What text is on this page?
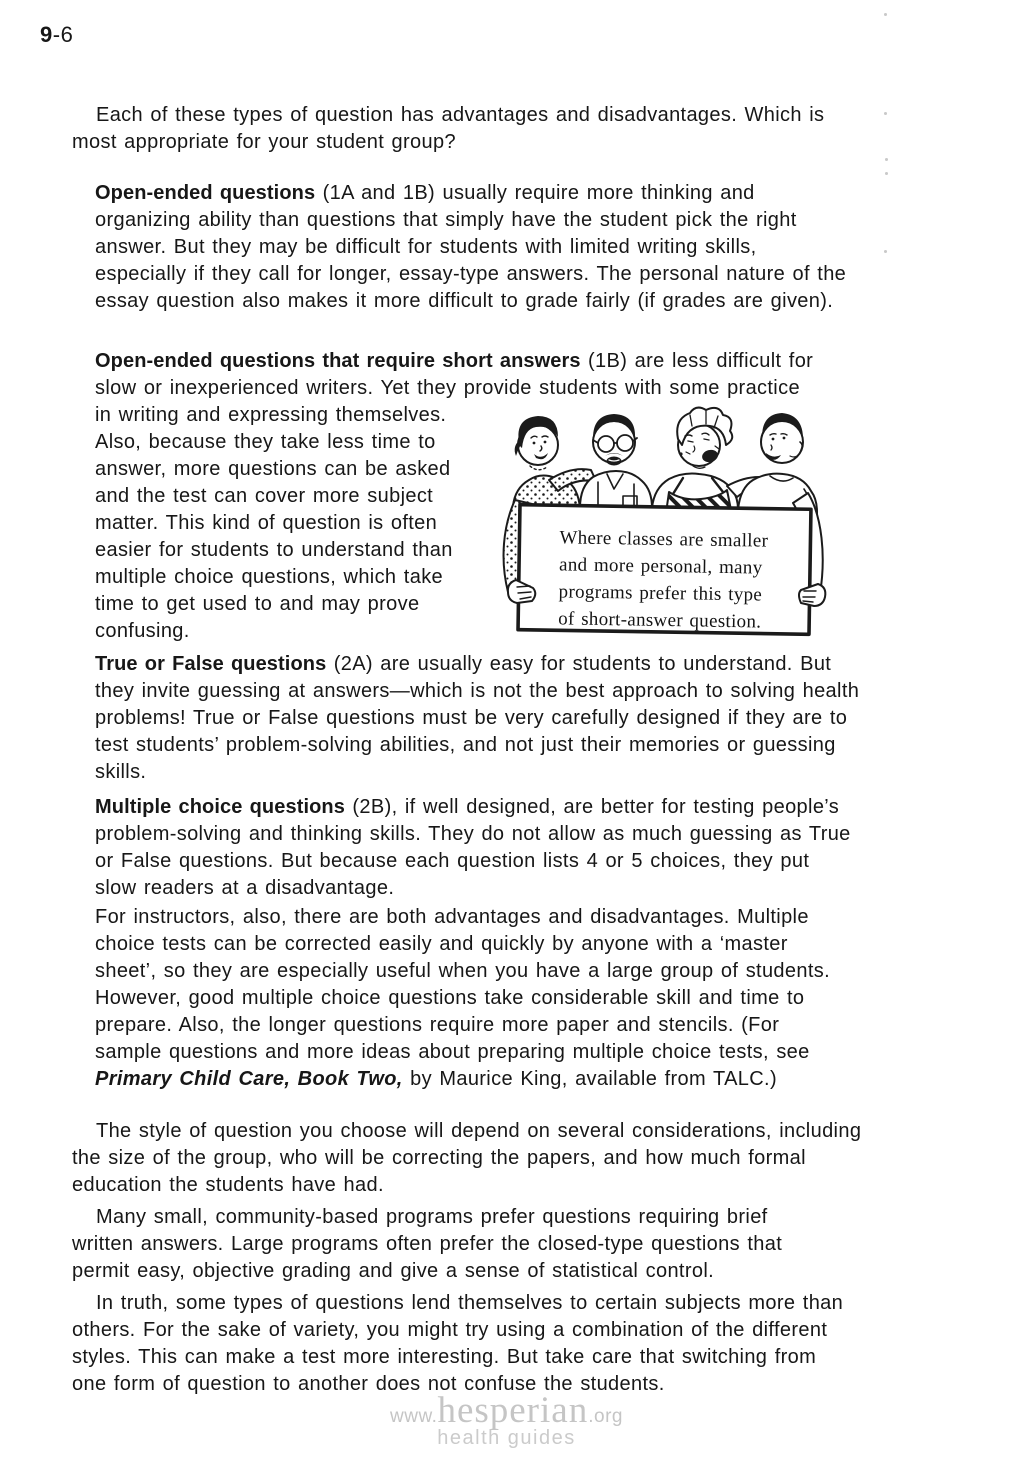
9-6

Each of these types of question has advantages and disadvantages. Which is most appropriate for your student group?

Open-ended questions (1A and 1B) usually require more thinking and organizing ability than questions that simply have the student pick the right answer. But they may be difficult for students with limited writing skills, especially if they call for longer, essay-type answers. The personal nature of the essay question also makes it more difficult to grade fairly (if grades are given).

Open-ended questions that require short answers (1B) are less difficult for slow or inexperienced writers. Yet they provide students with some practice

Where classes are smaller
and more personal, many
programs prefer this type
of short-answer question.
in writing and expressing themselves. Also, because they take less time to answer, more questions can be asked and the test can cover more subject matter. This kind of question is often easier for students to understand than multiple choice questions, which take time to get used to and may prove confusing.

True or False questions (2A) are usually easy for students to understand. But they invite guessing at answers—which is not the best approach to solving health problems! True or False questions must be very carefully designed if they are to test students’ problem-solving abilities, and not just their memories or guessing skills.

Multiple choice questions (2B), if well designed, are better for testing people’s problem-solving and thinking skills. They do not allow as much guessing as True or False questions. But because each question lists 4 or 5 choices, they put slow readers at a disadvantage.

For instructors, also, there are both advantages and disadvantages. Multiple choice tests can be corrected easily and quickly by anyone with a ‘master sheet’, so they are especially useful when you have a large group of students. However, good multiple choice questions take considerable skill and time to prepare. Also, the longer questions require more paper and stencils. (For sample questions and more ideas about preparing multiple choice tests, see Primary Child Care, Book Two, by Maurice King, available from TALC.)

The style of question you choose will depend on several considerations, including the size of the group, who will be correcting the papers, and how much formal education the students have had.

Many small, community-based programs prefer questions requiring brief written answers. Large programs often prefer the closed-type questions that permit easy, objective grading and give a sense of statistical control.

In truth, some types of questions lend themselves to certain subjects more than others. For the sake of variety, you might try using a combination of the different styles. This can make a test more interesting. But take care that switching from one form of question to another does not confuse the students.

www. hesperian .org
health guides
